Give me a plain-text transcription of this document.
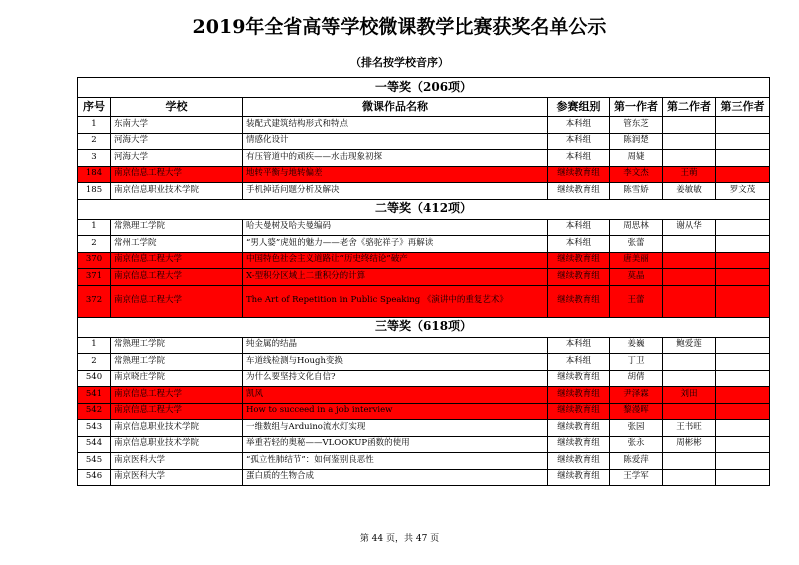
2019年全省高等学校微课教学比赛获奖名单公示
（排名按学校音序）
一等奖（206项）						
序号	学校	微课作品名称	参赛组别	第一作者	第二作者	第三作者
1	东南大学	装配式建筑结构形式和特点	本科组	管东芝		
2	河海大学	情感化设计	本科组	陈润楚		
3	河海大学	有压管道中的顽疾——水击现象初探	本科组	周婕		
184	南京信息工程大学	地转平衡与地转偏差	继续教育组	李文杰	王萌	
185	南京信息职业技术学院	手机掉话问题分析及解决	继续教育组	陈雪娇	姜敏敏	罗文茂
二等奖（412项）						
1	常熟理工学院	哈夫曼树及哈夫曼编码	本科组	周思林	谢从华	
2	常州工学院	“男人婆”虎妞的魅力——老舍《骆驼祥子》再解读	本科组	张蕾		
370	南京信息工程大学	中国特色社会主义道路让“历史终结论”破产	继续教育组	唐美丽		
371	南京信息工程大学	X-型积分区域上二重积分的计算	继续教育组	莫晶		
372	南京信息工程大学	The Art of Repetition in Public Speaking 《演讲中的重复艺术》	继续教育组	王蕾		
三等奖（618项）						
1	常熟理工学院	纯金属的结晶	本科组	姜巍	鲍爱莲	
2	常熟理工学院	车道线检测与Hough变换	本科组	丁卫		
540	南京晓庄学院	为什么要坚持文化自信?	继续教育组	胡倩		
541	南京信息工程大学	凯风	继续教育组	尹泽霖	刘田	
542	南京信息工程大学	How to succeed in a job interview	继续教育组	黎漫晖		
543	南京信息职业技术学院	一维数组与Arduino流水灯实现	继续教育组	张园	王书旺	
544	南京信息职业技术学院	举重若轻的奥秘——VLOOKUP函数的使用	继续教育组	张永	周彬彬	
545	南京医科大学	“孤立性肺结节”：如何鉴别良恶性	继续教育组	陈爱萍		
546	南京医科大学	蛋白质的生物合成	继续教育组	王学军		
第 44 页，共 47 页
